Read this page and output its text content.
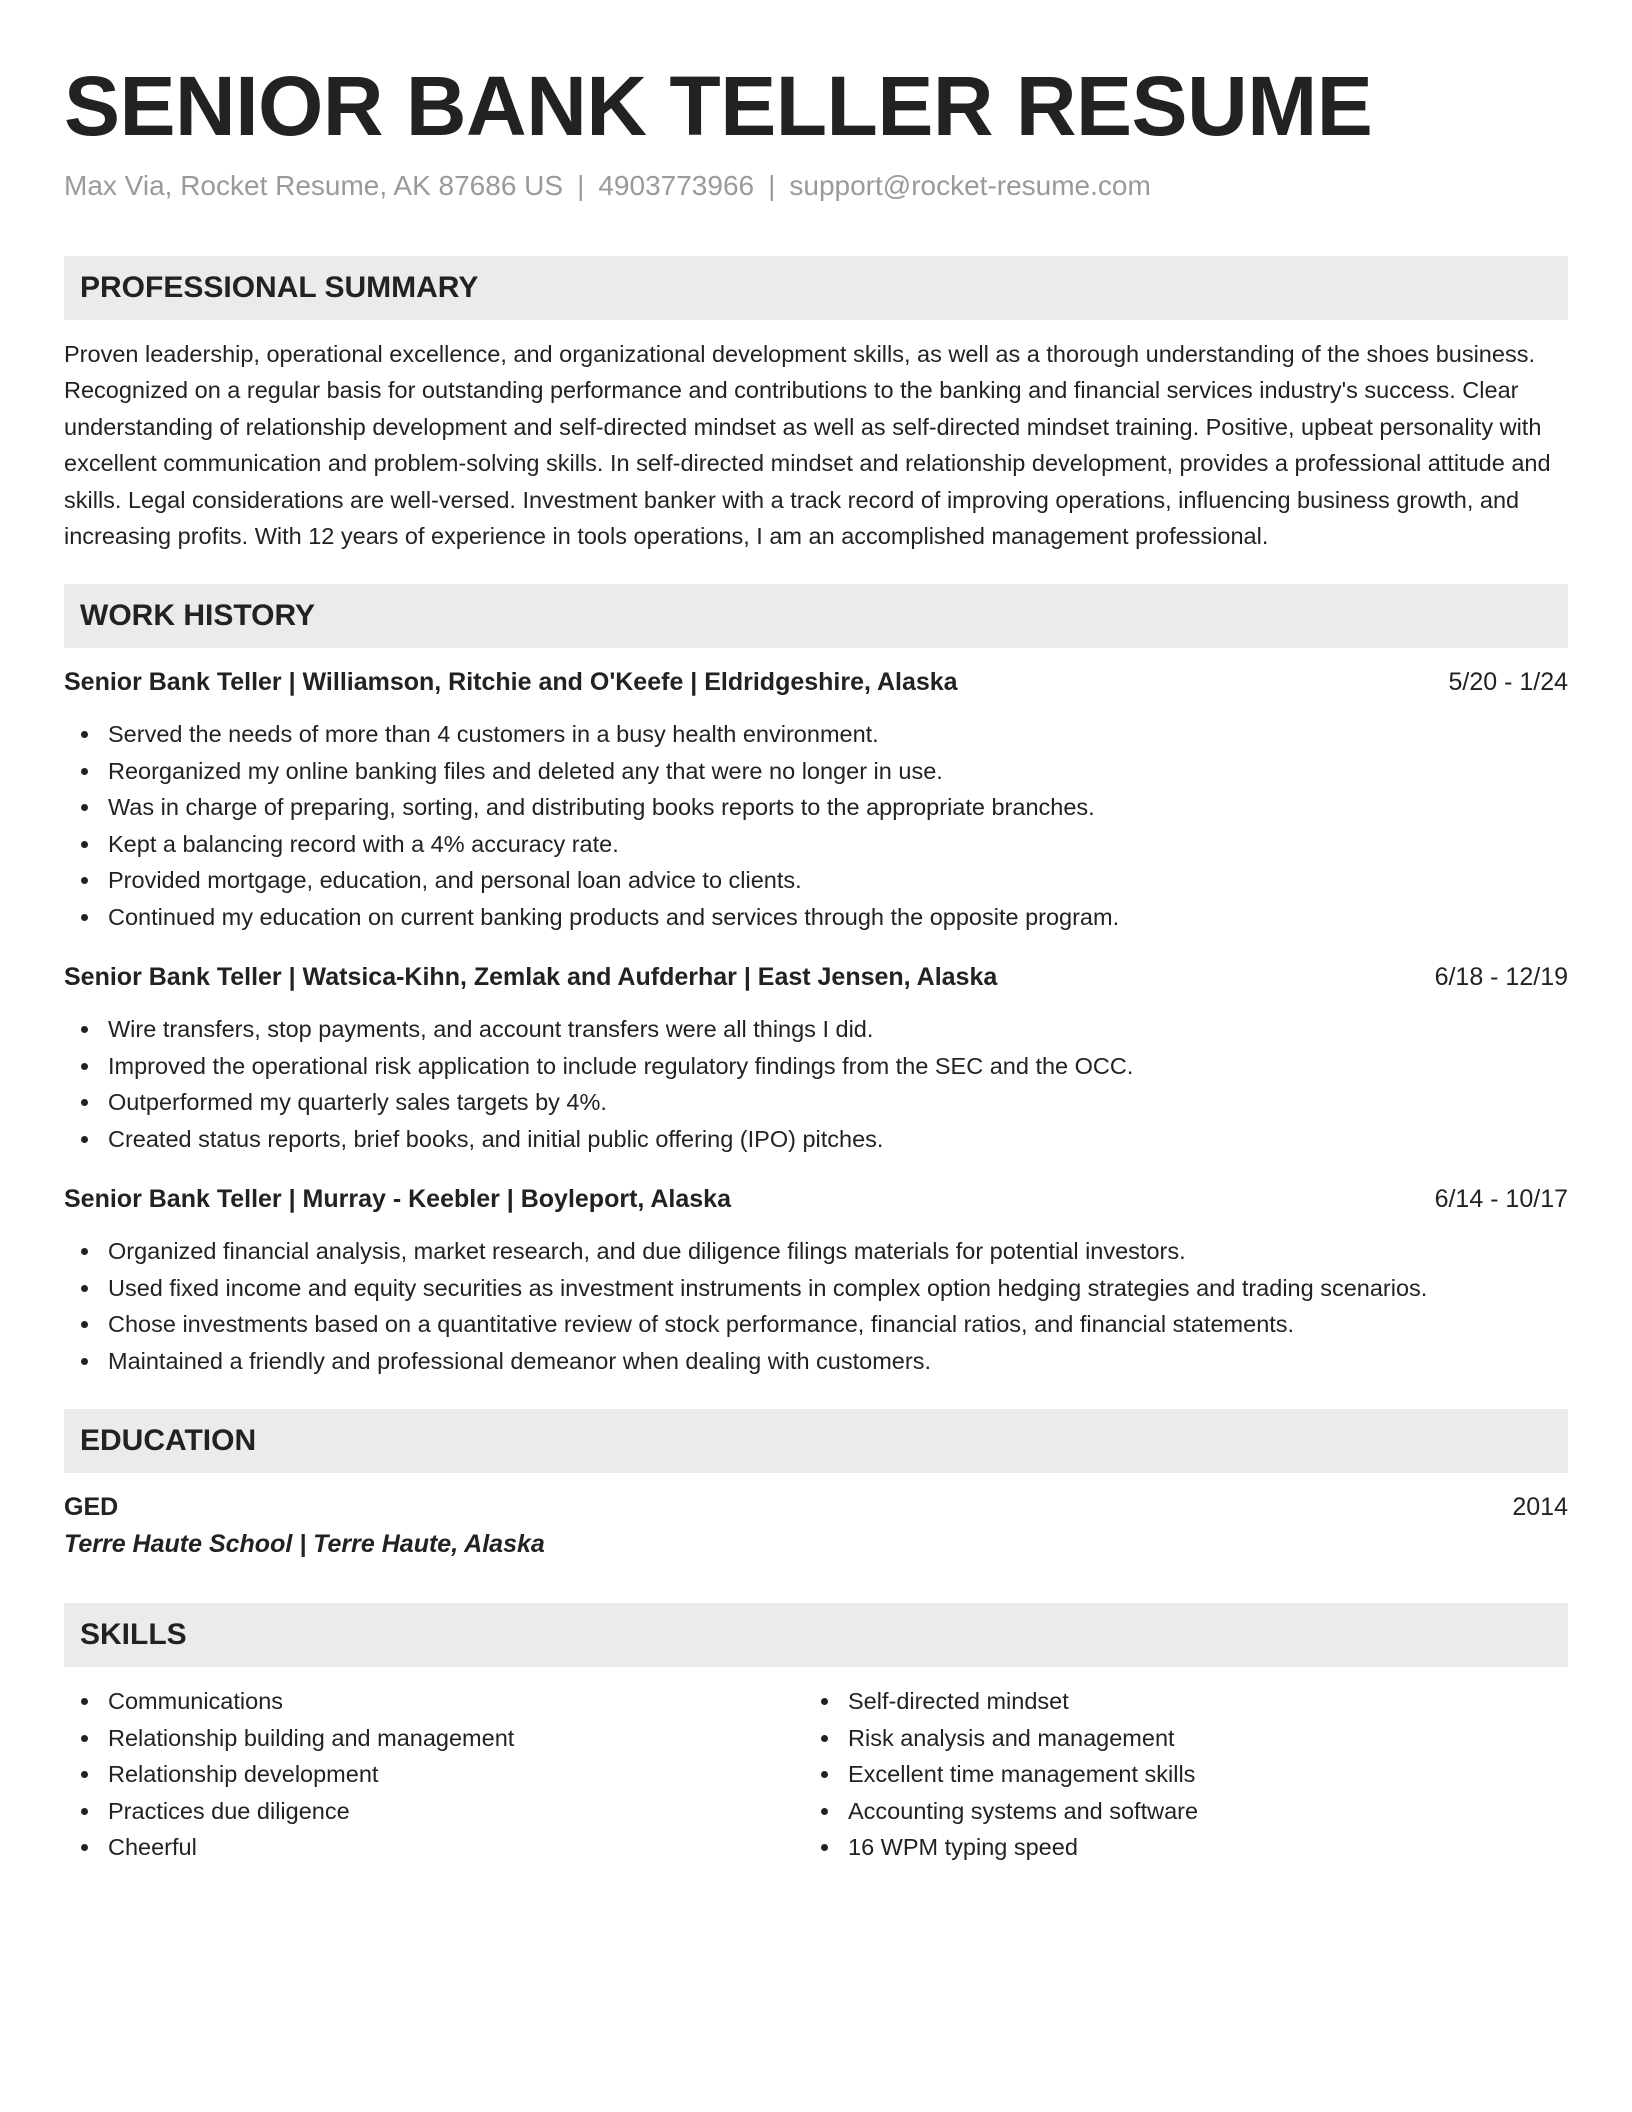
SENIOR BANK TELLER RESUME
Max Via, Rocket Resume, AK 87686 US | 4903773966 | support@rocket-resume.com
PROFESSIONAL SUMMARY
Proven leadership, operational excellence, and organizational development skills, as well as a thorough understanding of the shoes business. Recognized on a regular basis for outstanding performance and contributions to the banking and financial services industry's success. Clear understanding of relationship development and self-directed mindset as well as self-directed mindset training. Positive, upbeat personality with excellent communication and problem-solving skills. In self-directed mindset and relationship development, provides a professional attitude and skills. Legal considerations are well-versed. Investment banker with a track record of improving operations, influencing business growth, and increasing profits. With 12 years of experience in tools operations, I am an accomplished management professional.
WORK HISTORY
Senior Bank Teller | Williamson, Ritchie and O'Keefe | Eldridgeshire, Alaska	5/20 - 1/24
Served the needs of more than 4 customers in a busy health environment.
Reorganized my online banking files and deleted any that were no longer in use.
Was in charge of preparing, sorting, and distributing books reports to the appropriate branches.
Kept a balancing record with a 4% accuracy rate.
Provided mortgage, education, and personal loan advice to clients.
Continued my education on current banking products and services through the opposite program.
Senior Bank Teller | Watsica-Kihn, Zemlak and Aufderhar | East Jensen, Alaska	6/18 - 12/19
Wire transfers, stop payments, and account transfers were all things I did.
Improved the operational risk application to include regulatory findings from the SEC and the OCC.
Outperformed my quarterly sales targets by 4%.
Created status reports, brief books, and initial public offering (IPO) pitches.
Senior Bank Teller | Murray - Keebler | Boyleport, Alaska	6/14 - 10/17
Organized financial analysis, market research, and due diligence filings materials for potential investors.
Used fixed income and equity securities as investment instruments in complex option hedging strategies and trading scenarios.
Chose investments based on a quantitative review of stock performance, financial ratios, and financial statements.
Maintained a friendly and professional demeanor when dealing with customers.
EDUCATION
GED	2014
Terre Haute School | Terre Haute, Alaska
SKILLS
Communications
Relationship building and management
Relationship development
Practices due diligence
Cheerful
Self-directed mindset
Risk analysis and management
Excellent time management skills
Accounting systems and software
16 WPM typing speed
